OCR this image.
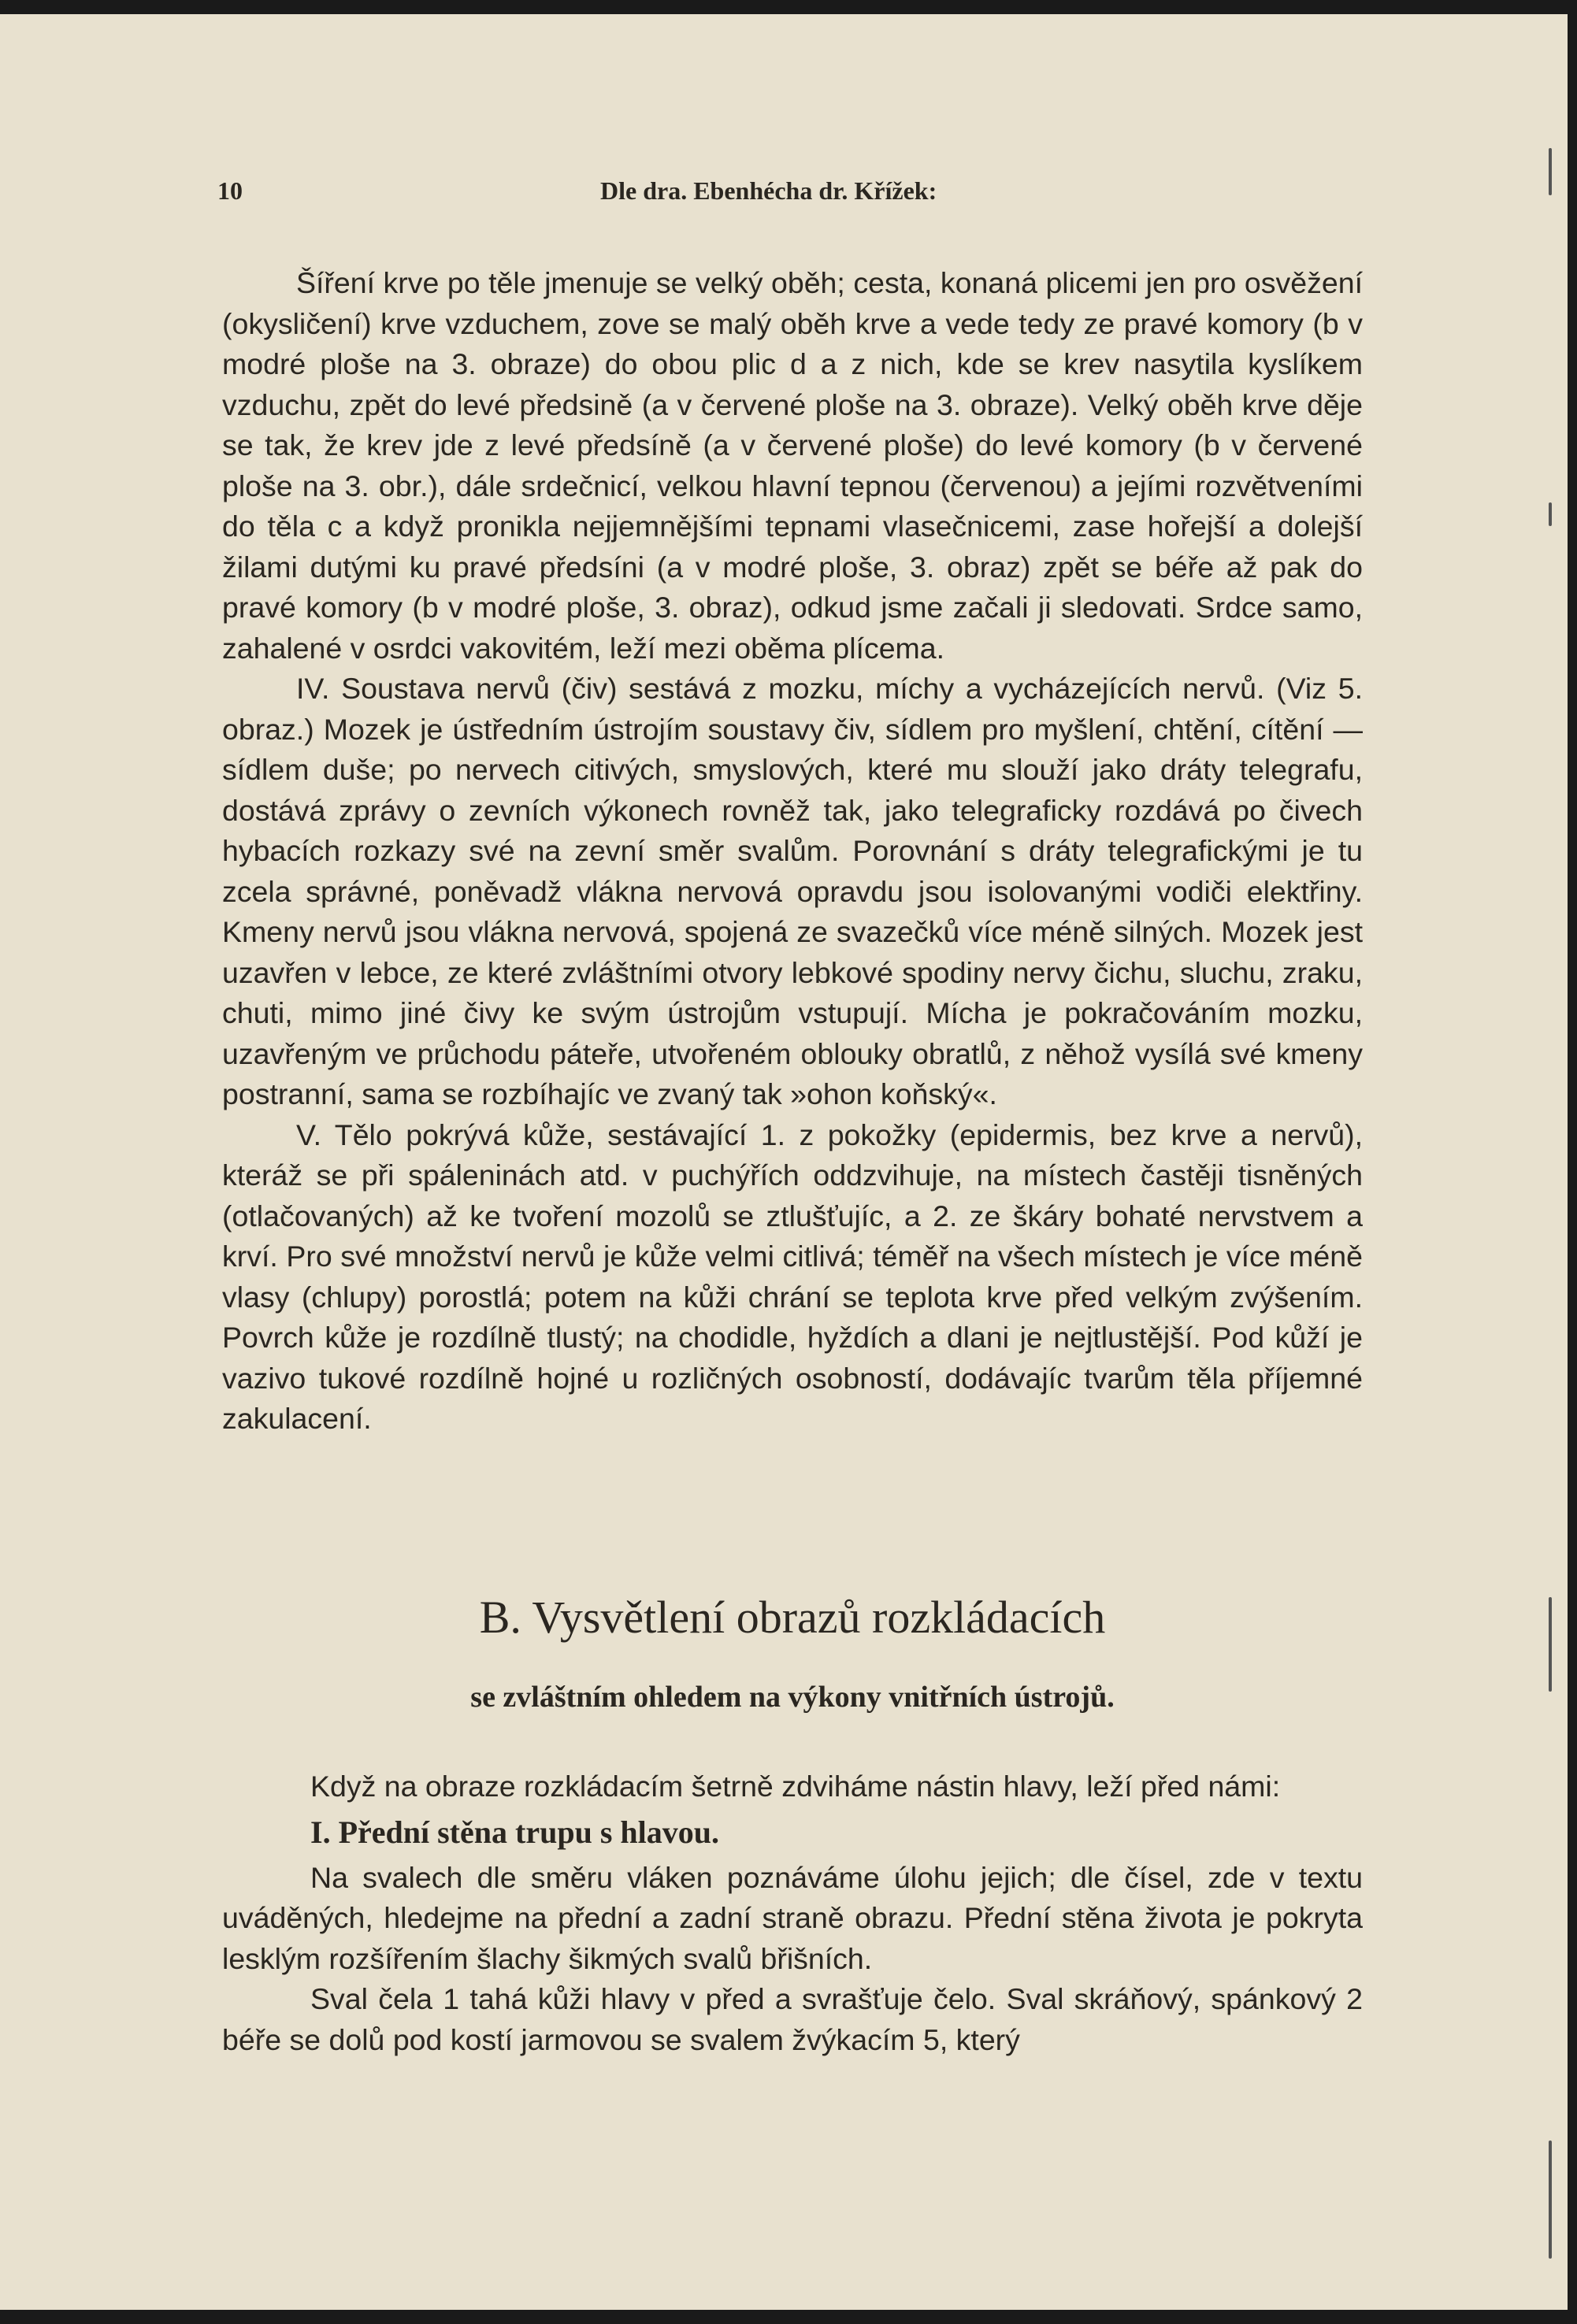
10	Dle drа. Ebenhécha dr. Křížek:

Šíření krve po těle jmenuje se velký oběh; cesta, konaná plicemi jen pro osvěžení (okysličení) krve vzduchem, zove se malý oběh krve a vede tedy ze pravé komory (b v modré ploše na 3. obraze) do obou plic d a z nich, kde se krev nasytila kyslíkem vzduchu, zpět do levé předsině (a v červené ploše na 3. obraze). Velký oběh krve děje se tak, že krev jde z levé předsíně (a v červené ploše) do levé komory (b v červené ploše na 3. obr.), dále srdečnicí, velkou hlavní tepnou (červenou) a jejími rozvětveními do těla c a když pronikla nejjemnějšími tepnami vlasečnicemi, zase hořejší a dolejší žilami dutými ku pravé předsíni (a v modré ploše, 3. obraz) zpět se béře až pak do pravé komory (b v modré ploše, 3. obraz), odkud jsme začali ji sledovati. Srdce samo, zahalené v osrdci vakovitém, leží mezi oběma plícema.

IV. Soustava nervů (čiv) sestává z mozku, míchy a vycházejících nervů. (Viz 5. obraz.) Mozek je ústředním ústrojím soustavy čiv, sídlem pro myšlení, chtění, cítění — sídlem duše; po nervech citivých, smyslových, které mu slouží jako dráty telegrafu, dostává zprávy o zevních výkonech rovněž tak, jako telegraficky rozdává po čivech hybacích rozkazy své na zevní směr svalům. Porovnání s dráty telegrafickými je tu zcela správné, poněvadž vlákna nervová opravdu jsou isolovanými vodiči elektřiny. Kmeny nervů jsou vlákna nervová, spojená ze svazečků více méně silných. Mozek jest uzavřen v lebce, ze které zvláštními otvory lebkové spodiny nervy čichu, sluchu, zraku, chuti, mimo jiné čivy ke svým ústrojům vstupují. Mícha je pokračováním mozku, uzavřeným ve průchodu páteře, utvořeném oblouky obratlů, z něhož vysílá své kmeny postranní, sama se rozbíhajíc ve zvaný tak »ohon koňský«.

V. Tělo pokrývá kůže, sestávající 1. z pokožky (epidermis, bez krve a nervů), kteráž se při spáleninách atd. v puchýřích oddzvihuje, na místech častěji tisněných (otlačovaných) až ke tvoření mozolů se ztlušťujíc, a 2. ze škáry bohaté nervstvem a krví. Pro své množství nervů je kůže velmi citlivá; téměř na všech místech je více méně vlasy (chlupy) porostlá; potem na kůži chrání se teplota krve před velkým zvýšením. Povrch kůže je rozdílně tlustý; na chodidle, hyždích a dlani je nejtlustější. Pod kůží je vazivo tukové rozdílně hojné u rozličných osobností, dodávajíc tvarům těla příjemné zakulacení.

B. Vysvětlení obrazů rozkládacích
se zvláštním ohledem na výkony vnitřních ústrojů.

Když na obraze rozkládacím šetrně zdviháme nástin hlavy, leží před námi:

I. Přední stěna trupu s hlavou.

Na svalech dle směru vláken poznáváme úlohu jejich; dle čísel, zde v textu uváděných, hledejme na přední a zadní straně obrazu. Přední stěna života je pokryta lesklým rozšířením šlachy šikmých svalů břišních.

Sval čela 1 tahá kůži hlavy v před a svrašťuje čelo. Sval skráňový, spánkový 2 béře se dolů pod kostí jarmovou se svalem žvýkacím 5, který
